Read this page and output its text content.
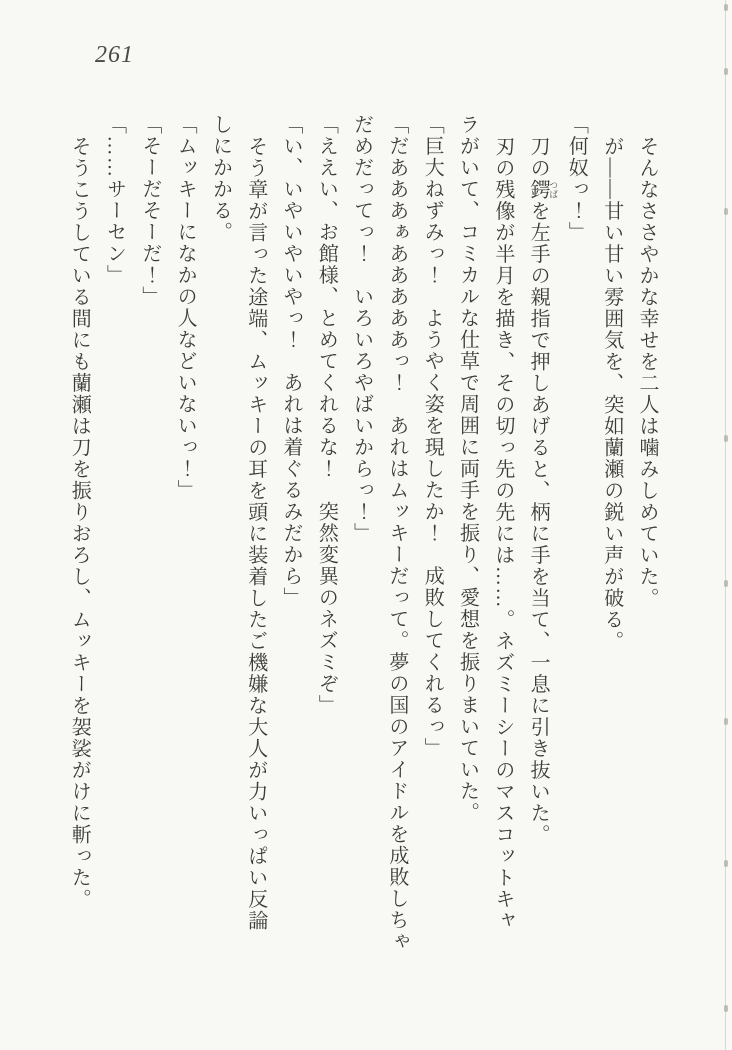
261

そんなささやかな幸せを二人は噛みしめていた。

が――甘い甘い雰囲気を、突如蘭瀬の鋭い声が破る。

「何奴っ！」

刀の鍔 つばを左手の親指で押しあげると、柄に手を当て、一息に引き抜いた。

刃の残像が半月を描き、その切っ先の先には……。ネズミーシーのマスコットキャ

ラがいて、コミカルな仕草で周囲に両手を振り、愛想を振りまいていた。

「巨大ねずみっ！　ようやく姿を現したか！　成敗してくれるっ」

「だあああぁあああああっ！　あれはムッキーだって。夢の国のアイドルを成敗しちゃ

だめだってっ！　いろいろやばいからっ！」

「ええい、お館様、とめてくれるな！　突然変異のネズミぞ」

「い、いやいやいやっ！　あれは着ぐるみだから」

そう章が言った途端、ムッキーの耳を頭に装着したご機嫌な大人が力いっぱい反論

しにかかる。

「ムッキーになかの人などいないっ！」

「そーだそーだ！」

「……サーセン」

そうこうしている間にも蘭瀬は刀を振りおろし、ムッキーを袈裟がけに斬った。
